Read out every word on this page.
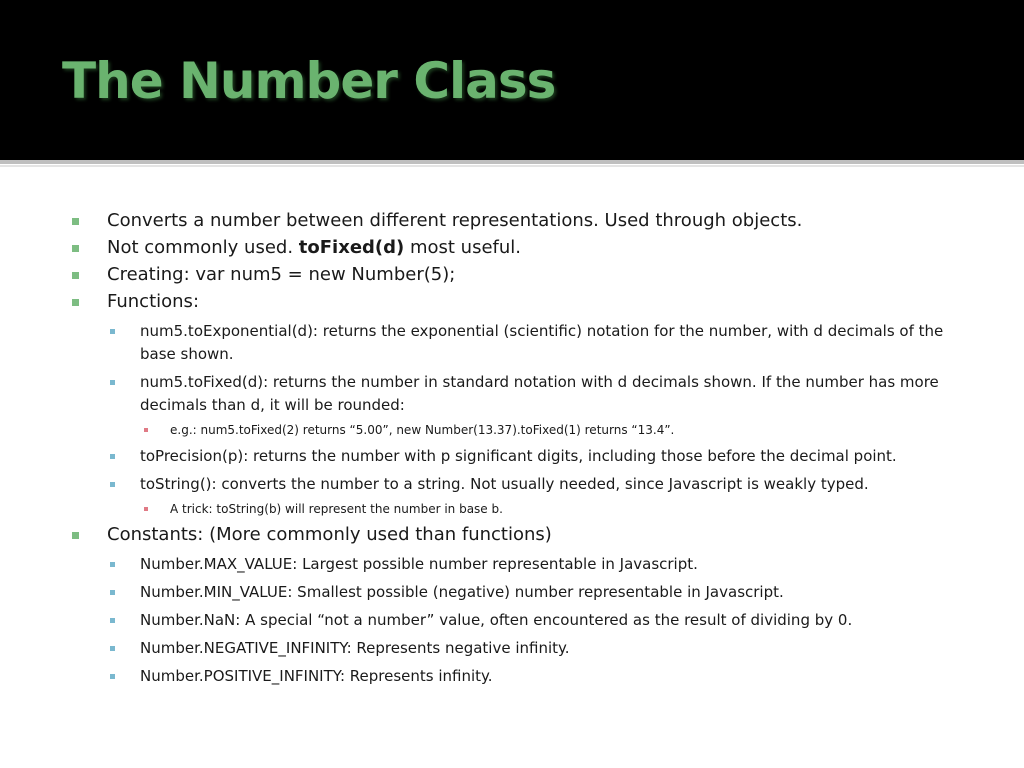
The Number Class
Converts a number between different representations. Used through objects.
Not commonly used. toFixed(d) most useful.
Creating: var num5 = new Number(5);
Functions:
num5.toExponential(d): returns the exponential (scientific) notation for the number, with d decimals of the base shown.
num5.toFixed(d): returns the number in standard notation with d decimals shown. If the number has more decimals than d, it will be rounded:
e.g.: num5.toFixed(2) returns “5.00”, new Number(13.37).toFixed(1) returns “13.4”.
toPrecision(p): returns the number with p significant digits, including those before the decimal point.
toString(): converts the number to a string. Not usually needed, since Javascript is weakly typed.
A trick: toString(b) will represent the number in base b.
Constants: (More commonly used than functions)
Number.MAX_VALUE: Largest possible number representable in Javascript.
Number.MIN_VALUE: Smallest possible (negative) number representable in Javascript.
Number.NaN: A special “not a number” value, often encountered as the result of dividing by 0.
Number.NEGATIVE_INFINITY: Represents negative infinity.
Number.POSITIVE_INFINITY: Represents infinity.
